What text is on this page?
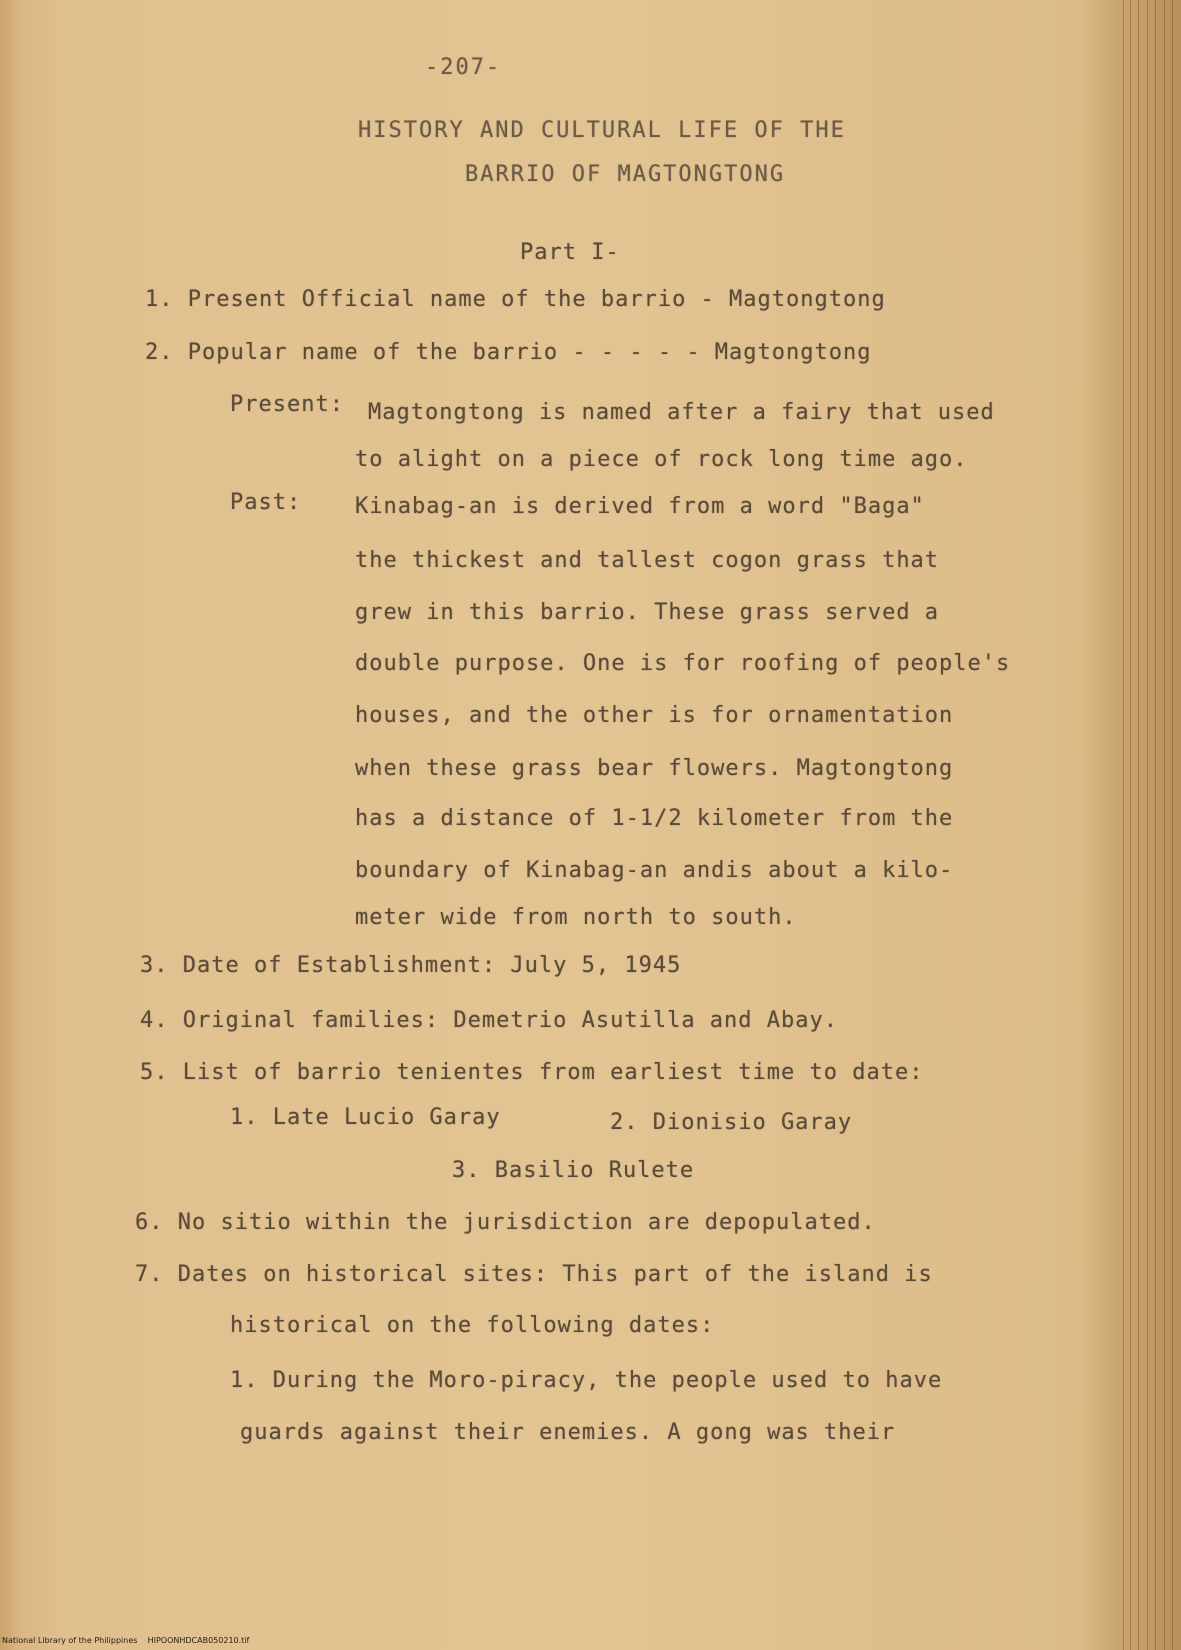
-207-
HISTORY AND CULTURAL LIFE OF THE
BARRIO OF MAGTONGTONG
Part I-
1. Present Official name of the barrio - Magtongtong
2. Popular name of the barrio - - - - - Magtongtong
Present: Magtongtong is named after a fairy that used
to alight on a piece of rock long time ago.
Past: Kinabag-an is derived from a word "Baga"
the thickest and tallest cogon grass that
grew in this barrio. These grass served a
double purpose. One is for roofing of people's
houses, and the other is for ornamentation
when these grass bear flowers. Magtongtong
has a distance of 1-1/2 kilometer from the
boundary of Kinabag-an andis about a kilo-
meter wide from north to south.
3. Date of Establishment: July 5, 1945
4. Original families: Demetrio Asutilla and Abay.
5. List of barrio tenientes from earliest time to date:
1. Late Lucio Garay	2. Dionisio Garay
3. Basilio Rulete
6. No sitio within the jurisdiction are depopulated.
7. Dates on historical sites: This part of the island is
historical on the following dates:
1. During the Moro-piracy, the people used to have
guards against their enemies. A gong was their
National Library of the Philippines    HIPOONHDCAB050210.tif
